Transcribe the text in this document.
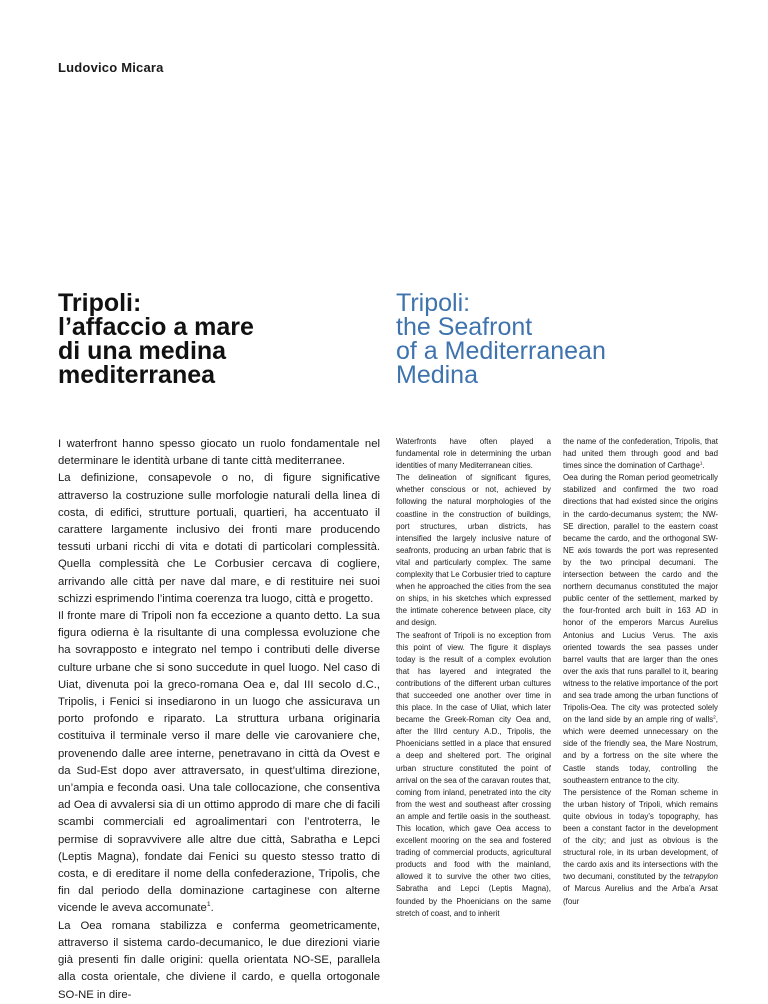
Ludovico Micara
Tripoli:
l’affaccio a mare
di una medina
mediterranea
Tripoli:
the Seafront
of a Mediterranean
Medina

I waterfront hanno spesso giocato un ruolo fondamentale nel determinare le identità urbane di tante città mediterranee.

La definizione, consapevole o no, di figure significative attraverso la costruzione sulle morfologie naturali della linea di costa, di edifici, strutture portuali, quartieri, ha accentuato il carattere largamente inclusivo dei fronti mare producendo tessuti urbani ricchi di vita e dotati di particolari complessità. Quella complessità che Le Corbusier cercava di cogliere, arrivando alle città per nave dal mare, e di restituire nei suoi schizzi esprimendo l’intima coerenza tra luogo, città e progetto.

Il fronte mare di Tripoli non fa eccezione a quanto detto. La sua figura odierna è la risultante di una complessa evoluzione che ha sovrapposto e integrato nel tempo i contributi delle diverse culture urbane che si sono succedute in quel luogo. Nel caso di Uiat, divenuta poi la greco-romana Oea e, dal III secolo d.C., Tripolis, i Fenici si insediarono in un luogo che assicurava un porto profondo e riparato. La struttura urbana originaria costituiva il terminale verso il mare delle vie carovaniere che, provenendo dalle aree interne, penetravano in città da Ovest e da Sud-Est dopo aver attraversato, in quest’ultima direzione, un’ampia e feconda oasi. Una tale collocazione, che consentiva ad Oea di avvalersi sia di un ottimo approdo di mare che di facili scambi commerciali ed agroalimentari con l’entroterra, le permise di sopravvivere alle altre due città, Sabratha e Lepci (Leptis Magna), fondate dai Fenici su questo stesso tratto di costa, e di ereditare il nome della confederazione, Tripolis, che fin dal periodo della dominazione cartaginese con alterne vicende le aveva accomunate$^1$.

La Oea romana stabilizza e conferma geometricamente, attraverso il sistema cardo-decumanico, le due direzioni viarie già presenti fin dalle origini: quella orientata NO-SE, parallela alla costa orientale, che diviene il cardo, e quella ortogonale SO-NE in dire-

Waterfronts have often played a fundamental role in determining the urban identities of many Mediterranean cities.

The delineation of significant figures, whether conscious or not, achieved by following the natural morphologies of the coastline in the construction of buildings, port structures, urban districts, has intensified the largely inclusive nature of seafronts, producing an urban fabric that is vital and particularly complex. The same complexity that Le Corbusier tried to capture when he approached the cities from the sea on ships, in his sketches which expressed the intimate coherence between place, city and design.

The seafront of Tripoli is no exception from this point of view. The figure it displays today is the result of a complex evolution that has layered and integrated the contributions of the different urban cultures that succeeded one another over time in this place. In the case of Uliat, which later became the Greek-Roman city Oea and, after the IIIrd century A.D., Tripolis, the Phoenicians settled in a place that ensured a deep and sheltered port. The original urban structure constituted the point of arrival on the sea of the caravan routes that, coming from inland, penetrated into the city from the west and southeast after crossing an ample and fertile oasis in the southeast. This location, which gave Oea access to excellent mooring on the sea and fostered trading of commercial products, agricultural products and food with the mainland, allowed it to survive the other two cities, Sabratha and Lepci (Leptis Magna), founded by the Phoenicians on the same stretch of coast, and to inherit

the name of the confederation, Tripolis, that had united them through good and bad times since the domination of Carthage$^1$.

Oea during the Roman period geometrically stabilized and confirmed the two road directions that had existed since the origins in the cardo-decumanus system; the NW-SE direction, parallel to the eastern coast became the cardo, and the orthogonal SW-NE axis towards the port was represented by the two principal decumani. The intersection between the cardo and the northern decumanus constituted the major public center of the settlement, marked by the four-fronted arch built in 163 AD in honor of the emperors Marcus Aurelius Antonius and Lucius Verus. The axis oriented towards the sea passes under barrel vaults that are larger than the ones over the axis that runs parallel to it, bearing witness to the relative importance of the port and sea trade among the urban functions of Tripolis-Oea. The city was protected solely on the land side by an ample ring of walls$^2$, which were deemed unnecessary on the side of the friendly sea, the Mare Nostrum, and by a fortress on the site where the Castle stands today, controlling the southeastern entrance to the city.

The persistence of the Roman scheme in the urban history of Tripoli, which remains quite obvious in today’s topography, has been a constant factor in the development of the city; and just as obvious is the structural role, in its urban development, of the cardo axis and its intersections with the two decumani, constituted by the tetrapylon of Marcus Aurelius and the Arba’a Arsat (four
